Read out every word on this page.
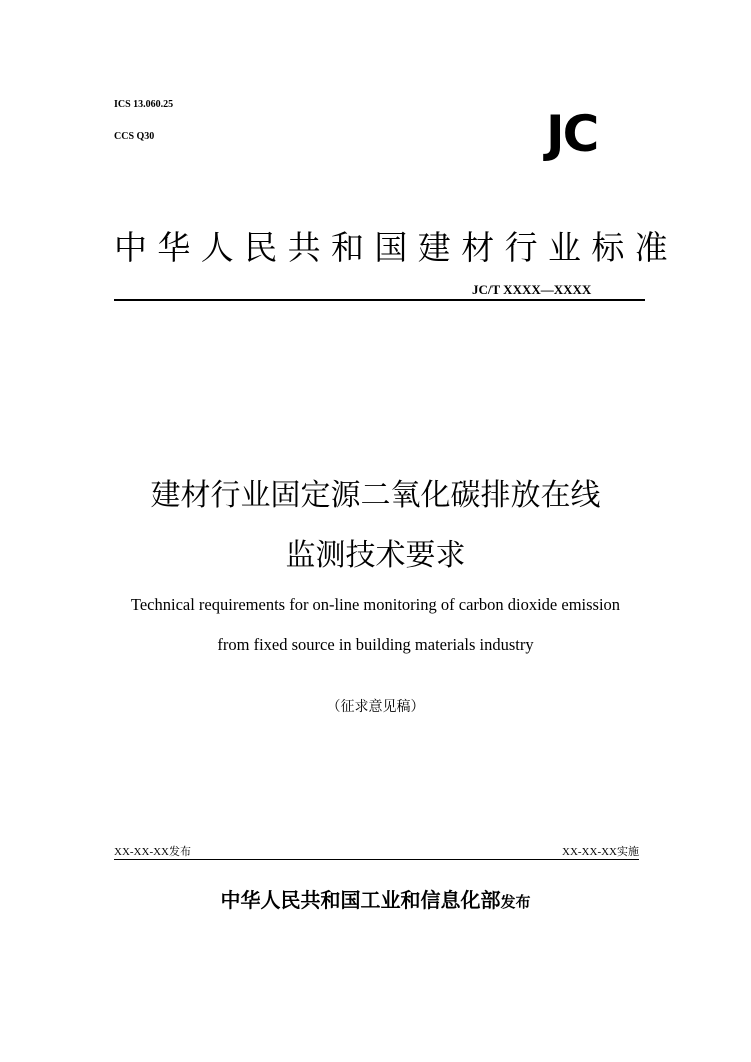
ICS 13.060.25
CCS Q30	JC
中华人民共和国建材行业标准
JC/T XXXX—XXXX
建材行业固定源二氧化碳排放在线
监测技术要求
Technical requirements for on-line monitoring of carbon dioxide emission
from fixed source in building materials industry
（征求意见稿）
XX-XX-XX发布	XX-XX-XX实施
中华人民共和国工业和信息化部发布
